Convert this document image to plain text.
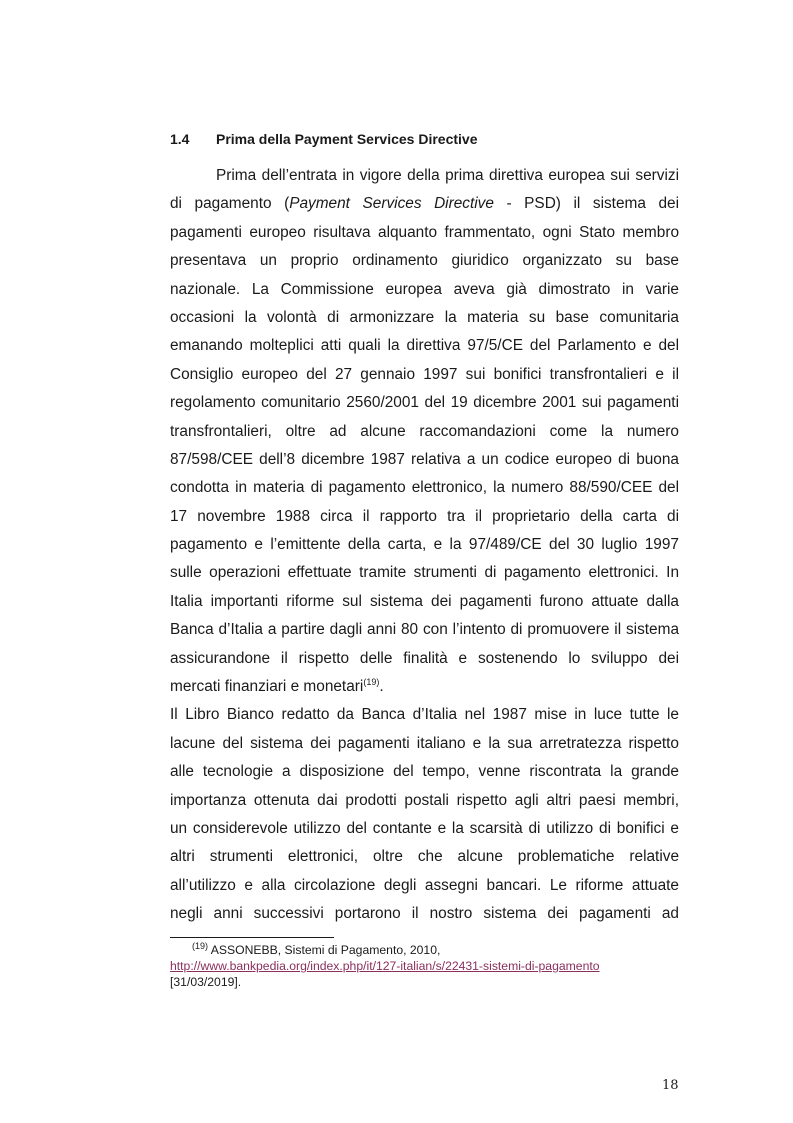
1.4 Prima della Payment Services Directive
Prima dell’entrata in vigore della prima direttiva europea sui servizi
di pagamento (Payment Services Directive - PSD) il sistema dei
pagamenti europeo risultava alquanto frammentato, ogni Stato membro
presentava un proprio ordinamento giuridico organizzato su base
nazionale. La Commissione europea aveva già dimostrato in varie
occasioni la volontà di armonizzare la materia su base comunitaria
emanando molteplici atti quali la direttiva 97/5/CE del Parlamento e del
Consiglio europeo del 27 gennaio 1997 sui bonifici transfrontalieri e il
regolamento comunitario 2560/2001 del 19 dicembre 2001 sui pagamenti
transfrontalieri, oltre ad alcune raccomandazioni come la numero
87/598/CEE dell’8 dicembre 1987 relativa a un codice europeo di buona
condotta in materia di pagamento elettronico, la numero 88/590/CEE del
17 novembre 1988 circa il rapporto tra il proprietario della carta di
pagamento e l’emittente della carta, e la 97/489/CE del 30 luglio 1997
sulle operazioni effettuate tramite strumenti di pagamento elettronici. In
Italia importanti riforme sul sistema dei pagamenti furono attuate dalla
Banca d’Italia a partire dagli anni 80 con l’intento di promuovere il sistema
assicurandone il rispetto delle finalità e sostenendo lo sviluppo dei
mercati finanziari e monetari$^{(19)}$.
Il Libro Bianco redatto da Banca d’Italia nel 1987 mise in luce tutte le
lacune del sistema dei pagamenti italiano e la sua arretratezza rispetto
alle tecnologie a disposizione del tempo, venne riscontrata la grande
importanza ottenuta dai prodotti postali rispetto agli altri paesi membri,
un considerevole utilizzo del contante e la scarsità di utilizzo di bonifici e
altri strumenti elettronici, oltre che alcune problematiche relative
all’utilizzo e alla circolazione degli assegni bancari. Le riforme attuate
negli anni successivi portarono il nostro sistema dei pagamenti ad
$^{(19)}$ ASSONEBB, Sistemi di Pagamento, 2010,
http://www.bankpedia.org/index.php/it/127-italian/s/22431-sistemi-di-pagamento
[31/03/2019].
18
